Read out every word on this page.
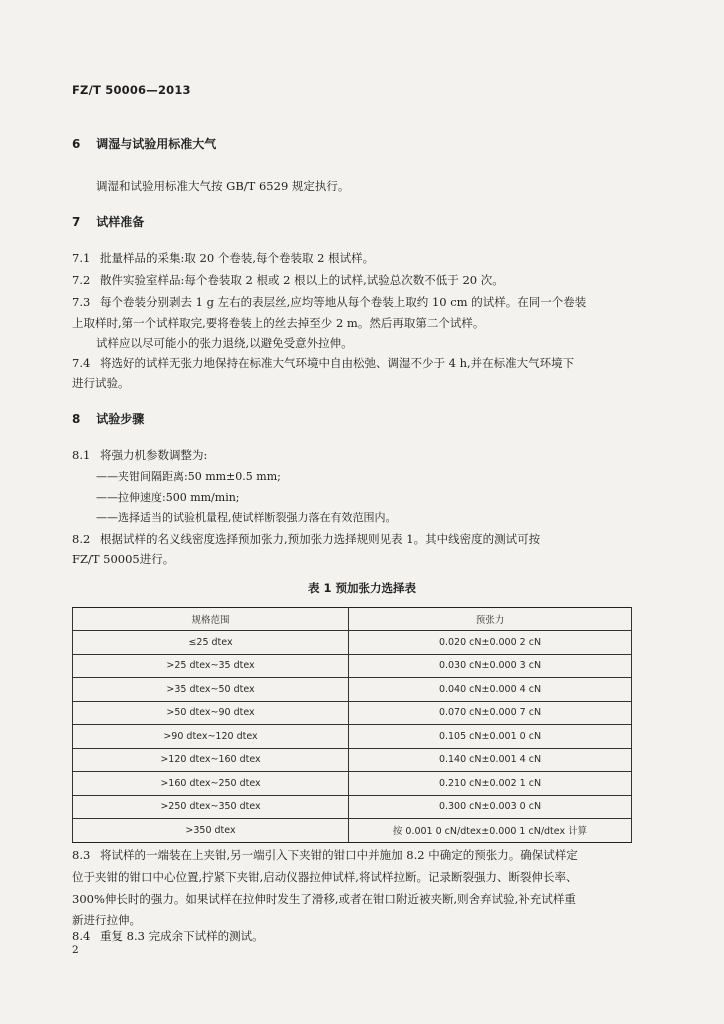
FZ/T 50006—2013
6 调湿与试验用标准大气
调湿和试验用标准大气按 GB/T 6529 规定执行。
7 试样准备
7.1 批量样品的采集:取 20 个卷装,每个卷装取 2 根试样。
7.2 散件实验室样品:每个卷装取 2 根或 2 根以上的试样,试验总次数不低于 20 次。
7.3 每个卷装分别剥去 1 g 左右的表层丝,应均等地从每个卷装上取约 10 cm 的试样。在同一个卷装
上取样时,第一个试样取完,要将卷装上的丝去掉至少 2 m。然后再取第二个试样。
试样应以尽可能小的张力退绕,以避免受意外拉伸。
7.4 将选好的试样无张力地保持在标准大气环境中自由松弛、调湿不少于 4 h,并在标准大气环境下
进行试验。
8 试验步骤
8.1 将强力机参数调整为:
——夹钳间隔距离:50 mm±0.5 mm;
——拉伸速度:500 mm/min;
——选择适当的试验机量程,使试样断裂强力落在有效范围内。
8.2 根据试样的名义线密度选择预加张力,预加张力选择规则见表 1。其中线密度的测试可按
FZ/T 50005进行。
表 1 预加张力选择表
规格范围	预张力
≤25 dtex	0.020 cN±0.000 2 cN
>25 dtex~35 dtex	0.030 cN±0.000 3 cN
>35 dtex~50 dtex	0.040 cN±0.000 4 cN
>50 dtex~90 dtex	0.070 cN±0.000 7 cN
>90 dtex~120 dtex	0.105 cN±0.001 0 cN
>120 dtex~160 dtex	0.140 cN±0.001 4 cN
>160 dtex~250 dtex	0.210 cN±0.002 1 cN
>250 dtex~350 dtex	0.300 cN±0.003 0 cN
>350 dtex	按 0.001 0 cN/dtex±0.000 1 cN/dtex 计算
8.3 将试样的一端装在上夹钳,另一端引入下夹钳的钳口中并施加 8.2 中确定的预张力。确保试样定
位于夹钳的钳口中心位置,拧紧下夹钳,启动仪器拉伸试样,将试样拉断。记录断裂强力、断裂伸长率、
300%伸长时的强力。如果试样在拉伸时发生了滑移,或者在钳口附近被夹断,则舍弃试验,补充试样重
新进行拉伸。
8.4 重复 8.3 完成余下试样的测试。
2
